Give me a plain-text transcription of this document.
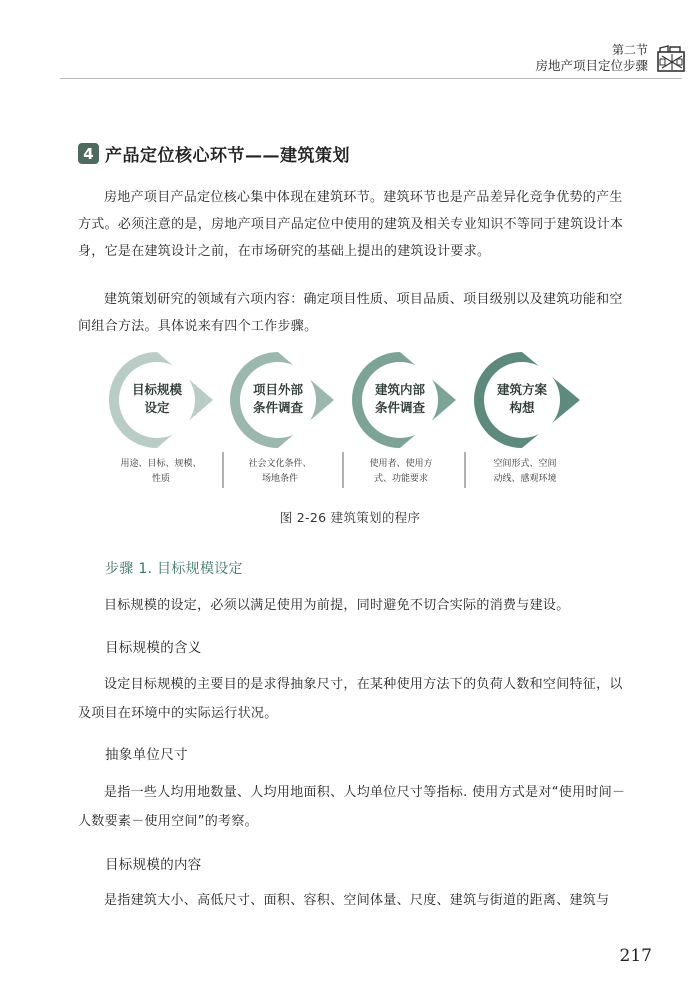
第二节
房地产项目定位步骤
4 产品定位核心环节——建筑策划

房地产项目产品定位核心集中体现在建筑环节。建筑环节也是产品差异化竞争优势的产生方式。必须注意的是，房地产项目产品定位中使用的建筑及相关专业知识不等同于建筑设计本身，它是在建筑设计之前，在市场研究的基础上提出的建筑设计要求。

建筑策划研究的领域有六项内容：确定项目性质、项目品质、项目级别以及建筑功能和空间组合方法。具体说来有四个工作步骤。

目标规模
设定
用途、目标、规模、
性质
项目外部
条件调查
社会文化条件、
场地条件
建筑内部
条件调查
使用者、使用方
式、功能要求
建筑方案
构想
空间形式、空间
动线、感观环境
图 2-26 建筑策划的程序
步骤 1. 目标规模设定

目标规模的设定，必须以满足使用为前提，同时避免不切合实际的消费与建设。

目标规模的含义

设定目标规模的主要目的是求得抽象尺寸，在某种使用方法下的负荷人数和空间特征，以及项目在环境中的实际运行状况。

抽象单位尺寸

是指一些人均用地数量、人均用地面积、人均单位尺寸等指标. 使用方式是对“使用时间－人数要素－使用空间”的考察。

目标规模的内容

是指建筑大小、高低尺寸、面积、容积、空间体量、尺度、建筑与街道的距离、建筑与

217
